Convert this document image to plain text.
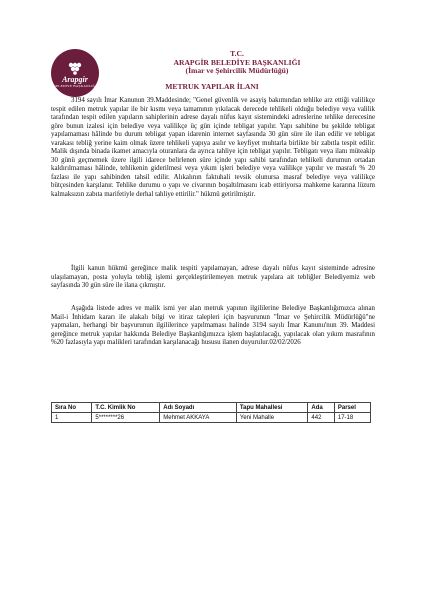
Arapgir
BELEDİYE BAŞKANLIĞI
T.C.
ARAPGİR BELEDİYE BAŞKANLIĞI
(İmar ve Şehircilik Müdürlüğü)
METRUK YAPILAR İLANI

3194 sayılı İmar Kanunun 39.Maddesinde; "Genel güvenlik ve asayiş bakımından tehlike arz ettiği valilikçe tespit edilen metruk yapılar ile bir kısmı veya tamamının yıkılacak derecede tehlikeli olduğu belediye veya valilik tarafından tespit edilen yapıların sahiplerinin adrese dayalı nüfus kayıt sistemindeki adreslerine tehlike derecesine göre bunun izalesi için belediye veya valilikçe üç gün içinde tebligat yapılır. Yapı sahibine bu şekilde tebligat yapılamaması hâlinde bu durum tebligat yapan idarenin internet sayfasında 30 gün süre ile ilan edilir ve tebligat varakası tebliğ yerine kaim olmak üzere tehlikeli yapıya asılır ve keyfiyet muhtarla birlikte bir zabıtla tespit edilir. Malik dışında binada ikamet amacıyla oturanlara da ayrıca tahliye için tebligat yapılır. Tebligatı veya ilanı müteakip 30 günü geçmemek üzere ilgili idarece belirlenen süre içinde yapı sahibi tarafından tehlikeli durumun ortadan kaldırılmaması hâlinde, tehlikenin giderilmesi veya yıkım işleri belediye veya valilikçe yapılır ve masrafı % 20 fazlası ile yapı sahibinden tahsil edilir. Alıkalının faktuhali tevsik olunursa masraf belediye veya valilikçe bütçesinden karşılanır. Tehlike durumu o yapı ve civarının boşaltılmasını icab ettiriyorsa mahkeme kararına lüzum kalmaksızın zabıta marifetiyle derhal tahliye ettirilir." hükmü getirilmiştir.

İlgili kanun hükmü gereğince malik tespiti yapılamayan, adrese dayalı nüfus kayıt sisteminde adresine ulaşılamayan, posta yoluyla tebliğ işlemi gerçekleştirilemeyen metruk yapılara ait tebliğler Belediyemiz web sayfasında 30 gün süre ile ilana çıkmıştır.

Aşağıda listede adres ve malik ismi yer alan metruk yapının ilgililerine Belediye Başkanlığımızca alınan Mail-i İnhidam kararı ile alakalı bilgi ve itiraz talepleri için başvurunun "İmar ve Şehircilik Müdürlüğü"ne yapmaları, herhangi bir başvurunun ilgililerince yapılmaması halinde 3194 sayılı İmar Kanunu'nun 39. Maddesi gereğince metruk yapılar hakkında Belediye Başkanlığımızca işlem başlatılacağı, yapılacak olan yıkım masrafının %20 fazlasıyla yapı malikleri tarafından karşılanacağı hususu ilanen duyurulur.02/02/2026

Sıra No	T.C. Kimlik No	Adı Soyadı	Tapu Mahallesi	Ada	Parsel
1	5********26	Mehmet AKKAYA	Yeni Mahalle	442	17-18
